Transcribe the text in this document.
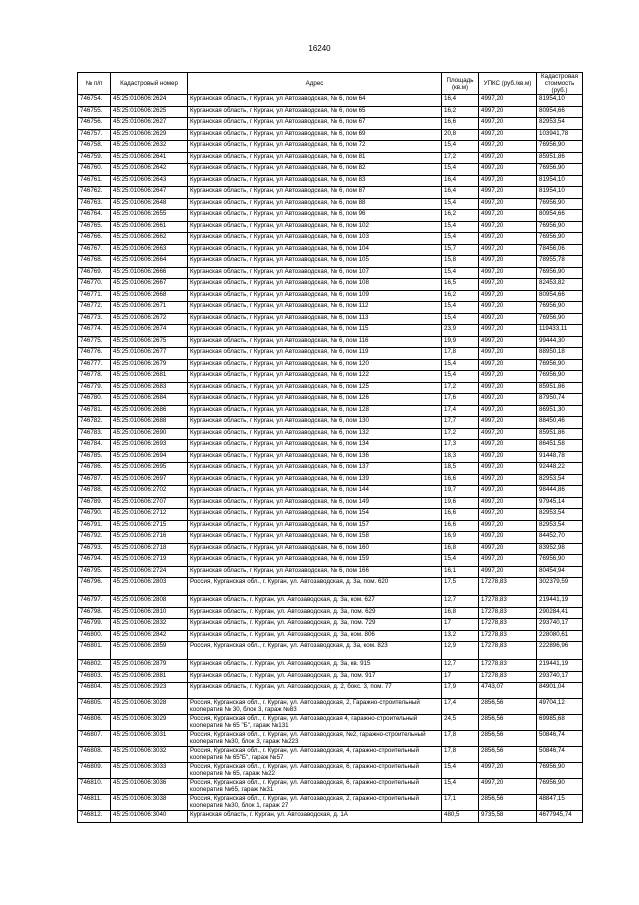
16240
№ п/п	Кадастровый номер	Адрес	Площадь (кв.м)	УПКС (руб./кв.м)	Кадастровая стоимость (руб.)
746754.	45:25:010606:2624	Курганская область, г Курган, ул Автозаводская, № 6, пом 64	16,4	4997,20	81954,10
746755.	45:25:010606:2625	Курганская область, г Курган, ул Автозаводская, № 6, пом 65	16,2	4997,20	80954,66
746756.	45:25:010606:2627	Курганская область, г Курган, ул Автозаводская, № 6, пом 67	16,6	4997,20	82953,54
746757.	45:25:010606:2629	Курганская область, г Курган, ул Автозаводская, № 6, пом 69	20,8	4997,20	103941,78
746758.	45:25:010606:2632	Курганская область, г Курган, ул Автозаводская, № 6, пом 72	15,4	4997,20	76956,90
746759.	45:25:010606:2641	Курганская область, г Курган, ул Автозаводская, № 6, пом 81	17,2	4997,20	85951,86
746760.	45:25:010606:2642	Курганская область, г Курган, ул Автозаводская, № 6, пом 82	15,4	4997,20	76956,90
746761.	45:25:010606:2643	Курганская область, г Курган, ул Автозаводская, № 6, пом 83	16,4	4997,20	81954,10
746762.	45:25:010606:2647	Курганская область, г Курган, ул Автозаводская, № 6, пом 87	16,4	4997,20	81954,10
746763.	45:25:010606:2648	Курганская область, г Курган, ул Автозаводская, № 6, пом 88	15,4	4997,20	76956,90
746764.	45:25:010606:2655	Курганская область, г Курган, ул Автозаводская, № 6, пом 96	16,2	4997,20	80954,66
746765.	45:25:010606:2661	Курганская область, г Курган, ул Автозаводская, № 6, пом 102	15,4	4997,20	76956,90
746766.	45:25:010606:2662	Курганская область, г Курган, ул Автозаводская, № 6, пом 103	15,4	4997,20	76956,90
746767.	45:25:010606:2663	Курганская область, г Курган, ул Автозаводская, № 6, пом 104	15,7	4997,20	78456,06
746768.	45:25:010606:2664	Курганская область, г Курган, ул Автозаводская, № 6, пом 105	15,8	4997,20	78955,78
746769.	45:25:010606:2666	Курганская область, г Курган, ул Автозаводская, № 6, пом 107	15,4	4997,20	76956,90
746770.	45:25:010606:2667	Курганская область, г Курган, ул Автозаводская, № 6, пом 108	16,5	4997,20	82453,82
746771.	45:25:010606:2668	Курганская область, г Курган, ул Автозаводская, № 6, пом 109	16,2	4997,20	80954,66
746772.	45:25:010606:2671	Курганская область, г Курган, ул Автозаводская, № 6, пом 112	15,4	4997,20	76956,90
746773.	45:25:010606:2672	Курганская область, г Курган, ул Автозаводская, № 6, пом 113	15,4	4997,20	76956,90
746774.	45:25:010606:2674	Курганская область, г Курган, ул Автозаводская, № 6, пом 115	23,9	4997,20	119433,11
746775.	45:25:010606:2675	Курганская область, г Курган, ул Автозаводская, № 6, пом 116	19,9	4997,20	99444,30
746776.	45:25:010606:2677	Курганская область, г Курган, ул Автозаводская, № 6, пом 119	17,8	4997,20	88950,18
746777.	45:25:010606:2679	Курганская область, г Курган, ул Автозаводская, № 6, пом 120	15,4	4997,20	76956,90
746778.	45:25:010606:2681	Курганская область, г Курган, ул Автозаводская, № 6, пом 122	15,4	4997,20	76956,90
746779.	45:25:010606:2683	Курганская область, г Курган, ул Автозаводская, № 6, пом 125	17,2	4997,20	85951,86
746780.	45:25:010606:2684	Курганская область, г Курган, ул Автозаводская, № 6, пом 126	17,6	4997,20	87950,74
746781.	45:25:010606:2686	Курганская область, г Курган, ул Автозаводская, № 6, пом 128	17,4	4997,20	86951,30
746782.	45:25:010606:2688	Курганская область, г Курган, ул Автозаводская, № 6, пом 130	17,7	4997,20	88450,46
746783.	45:25:010606:2690	Курганская область, г Курган, ул Автозаводская, № 6, пом 132	17,2	4997,20	85951,86
746784.	45:25:010606:2693	Курганская область, г Курган, ул Автозаводская, № 6, пом 134	17,3	4997,20	86451,58
746785.	45:25:010606:2694	Курганская область, г Курган, ул Автозаводская, № 6, пом 136	18,3	4997,20	91448,78
746786.	45:25:010606:2695	Курганская область, г Курган, ул Автозаводская, № 6, пом 137	18,5	4997,20	92448,22
746787.	45:25:010606:2697	Курганская область, г Курган, ул Автозаводская, № 6, пом 139	16,6	4997,20	82953,54
746788.	45:25:010606:2702	Курганская область, г Курган, ул Автозаводская, № 6, пом 144	19,7	4997,20	98444,86
746789.	45:25:010606:2707	Курганская область, г Курган, ул Автозаводская, № 6, пом 149	19,6	4997,20	97945,14
746790.	45:25:010606:2712	Курганская область, г Курган, ул Автозаводская, № 6, пом 154	16,6	4997,20	82953,54
746791.	45:25:010606:2715	Курганская область, г Курган, ул Автозаводская, № 6, пом 157	16,6	4997,20	82953,54
746792.	45:25:010606:2716	Курганская область, г Курган, ул Автозаводская, № 6, пом 158	16,9	4997,20	84452,70
746793.	45:25:010606:2718	Курганская область, г Курган, ул Автозаводская, № 6, пом 160	16,8	4997,20	83952,98
746794.	45:25:010606:2719	Курганская область, г Курган, ул Автозаводская, № 6, пом 159	15,4	4997,20	76956,90
746795.	45:25:010606:2724	Курганская область, г Курган, ул Автозаводская, № 6, пом 166	16,1	4997,20	80454,94
746796.	45:25:010606:2803	Россия, Курганская обл., г. Курган, ул. Автозаводская, д. 3а, пом. 620	17,5	17278,83	302379,59
746797.	45:25:010606:2808	Курганская область, г. Курган, ул. Автозаводская, д. 3а, ком. 627	12,7	17278,83	219441,19
746798.	45:25:010606:2810	Курганская область, г. Курган, ул. Автозаводская, д. 3а, пом. 629	16,8	17278,83	290284,41
746799.	45:25:010606:2832	Курганская область, г. Курган, ул. Автозаводская, д. 3а, пом. 729	17	17278,83	293740,17
746800.	45:25:010606:2842	Курганская область, г. Курган, ул. Автозаводская, д. 3а, ком. 806	13,2	17278,83	228080,61
746801.	45:25:010606:2859	Россия, Курганская обл., г. Курган, ул. Автозаводская, д. 3а, ком. 823	12,9	17278,83	222896,96
746802.	45:25:010606:2879	Курганская область, г. Курган, ул. Автозаводская, д. 3а, кв. 915	12,7	17278,83	219441,19
746803.	45:25:010606:2881	Курганская область, г. Курган, ул. Автозаводская, д. 3а, пом. 917	17	17278,83	293740,17
746804.	45:25:010606:2923	Курганская область, г. Курган, ул. Автозаводская, д. 2, бокс. 3, пом. 77	17,9	4743,07	84901,04
746805.	45:25:010606:3028	Россия, Курганская обл., г. Курган, ул. Автозаводская, 2, Гаражно-строительный кооператив № 30, блок 3, гараж №83	17,4	2856,56	49704,12
746806.	45:25:010606:3029	Россия, Курганская обл., г. Курган, ул. Автозаводская 4, гаражно-строительный кооператив № 65 "Б", гараж №131	24,5	2856,56	69985,68
746807.	45:25:010606:3031	Россия, Курганская обл., г. Курган, ул. Автозаводская, №2, гаражно-строительный кооператив №30, блок 3, гараж №223	17,8	2856,56	50846,74
746808.	45:25:010606:3032	Россия, Курганская обл., г. Курган, ул. Автозаводская, 4, гаражно-строительный кооператив № 65"Б", гараж №57	17,8	2856,56	50846,74
746809.	45:25:010606:3033	Россия, Курганская обл., г. Курган, ул. Автозаводская, 6, гаражно-строительный кооператив № 65, гараж №22	15,4	4997,20	76956,90
746810.	45:25:010606:3036	Россия, Курганская обл., г. Курган, ул. Автозаводская, 6, гаражно-строительный кооператив №65, гараж №31	15,4	4997,20	76956,90
746811.	45:25:010606:3038	Россия, Курганская обл., г. Курган, ул. Автозаводская, 2, гаражно-строительный кооператив №30, блок 1, гараж 27	17,1	2856,56	48847,15
746812.	45:25:010606:3040	Курганская область, г. Курган, ул. Автозаводская, д. 1А	480,5	9735,58	4677945,74
